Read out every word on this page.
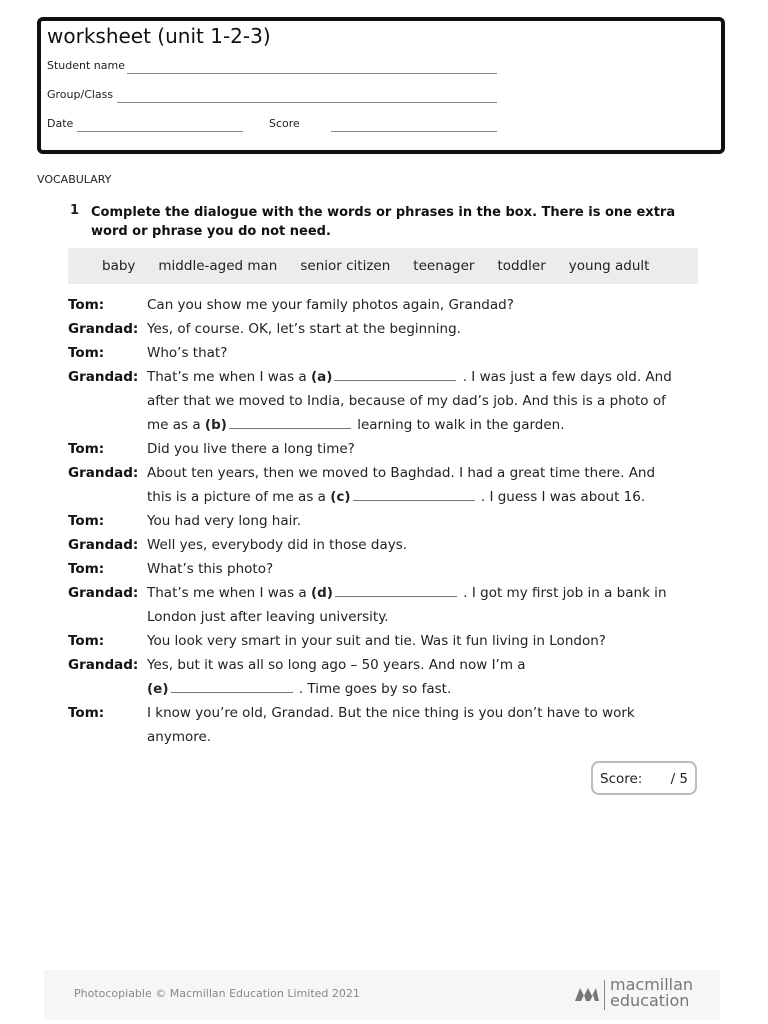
worksheet (unit 1-2-3)
Student name
Group/Class
Date	Score
VOCABULARY
1 Complete the dialogue with the words or phrases in the box. There is one extra word or phrase you do not need.
baby middle-aged man senior citizen teenager toddler young adult
Tom:	Can you show me your family photos again, Grandad?
Grandad: Yes, of course. OK, let’s start at the beginning.
Tom:	Who’s that?
Grandad: That’s me when I was a (a)	. I was just a few days old. And
after that we moved to India, because of my dad’s job. And this is a photo of
me as a (b)	learning to walk in the garden.
Tom:	Did you live there a long time?
Grandad: About ten years, then we moved to Baghdad. I had a great time there. And
this is a picture of me as a (c)	. I guess I was about 16.
Tom:	You had very long hair.
Grandad: Well yes, everybody did in those days.
Tom:	What’s this photo?
Grandad: That’s me when I was a (d)	. I got my first job in a bank in
London just after leaving university.
Tom:	You look very smart in your suit and tie. Was it fun living in London?
Grandad: Yes, but it was all so long ago – 50 years. And now I’m a
(e)	. Time goes by so fast.
Tom:	I know you’re old, Grandad. But the nice thing is you don’t have to work
anymore.
Score: / 5
Photocopiable © Macmillan Education Limited 2021	macmillan
education
